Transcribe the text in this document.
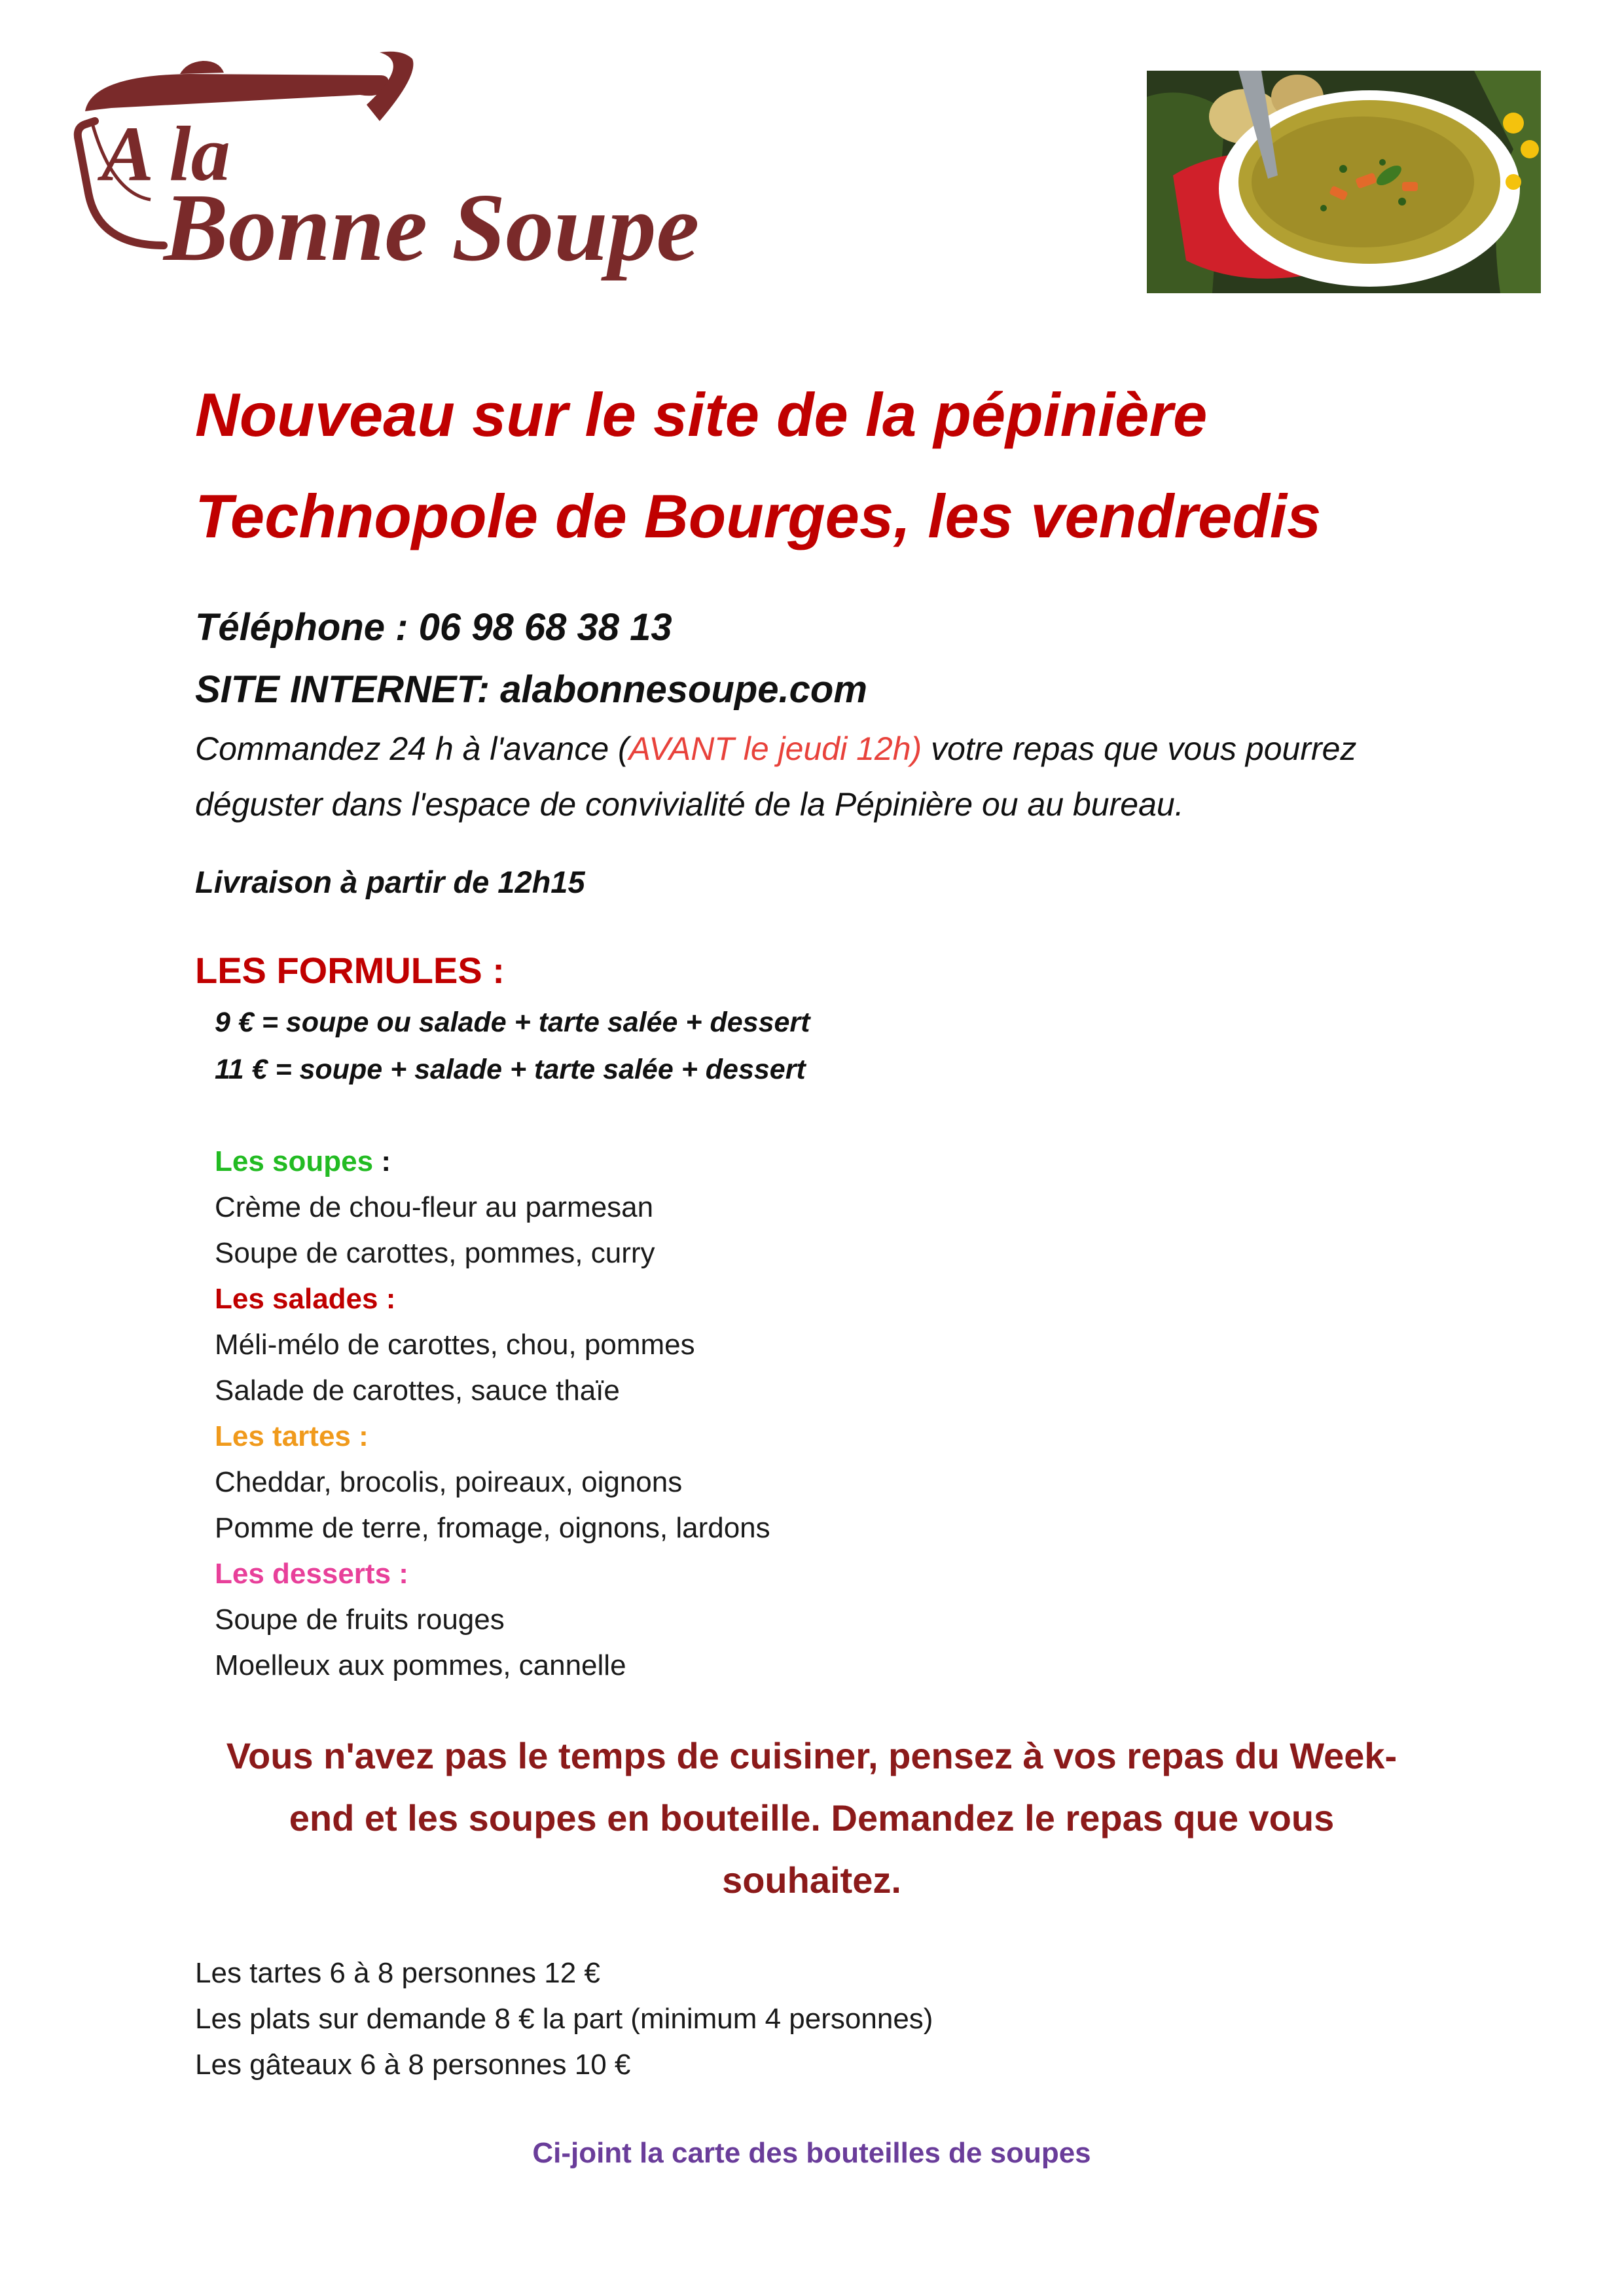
A la
Bonne Soupe
Nouveau sur le site de la pépinière
Technopole de Bourges, les vendredis
Téléphone : 06 98 68 38 13
SITE INTERNET: alabonnesoupe.com
Commandez 24 h à l'avance (AVANT le jeudi 12h) votre repas que vous pourrez
déguster dans l'espace de convivialité de la Pépinière ou au bureau.
Livraison à partir de 12h15
LES FORMULES :
9 € = soupe ou salade + tarte salée + dessert
11 € = soupe + salade + tarte salée + dessert
Les soupes :
Crème de chou-fleur au parmesan
Soupe de carottes, pommes, curry
Les salades :
Méli-mélo de carottes, chou, pommes
Salade de carottes, sauce thaïe
Les tartes :
Cheddar, brocolis, poireaux, oignons
Pomme de terre, fromage, oignons, lardons
Les desserts :
Soupe de fruits rouges
Moelleux aux pommes, cannelle
Vous n'avez pas le temps de cuisiner, pensez à vos repas du Week-
end et les soupes en bouteille. Demandez le repas que vous
souhaitez.
Les tartes 6 à 8 personnes 12 €
Les plats sur demande 8 € la part (minimum 4 personnes)
Les gâteaux 6 à 8 personnes 10 €
Ci-joint la carte des bouteilles de soupes
